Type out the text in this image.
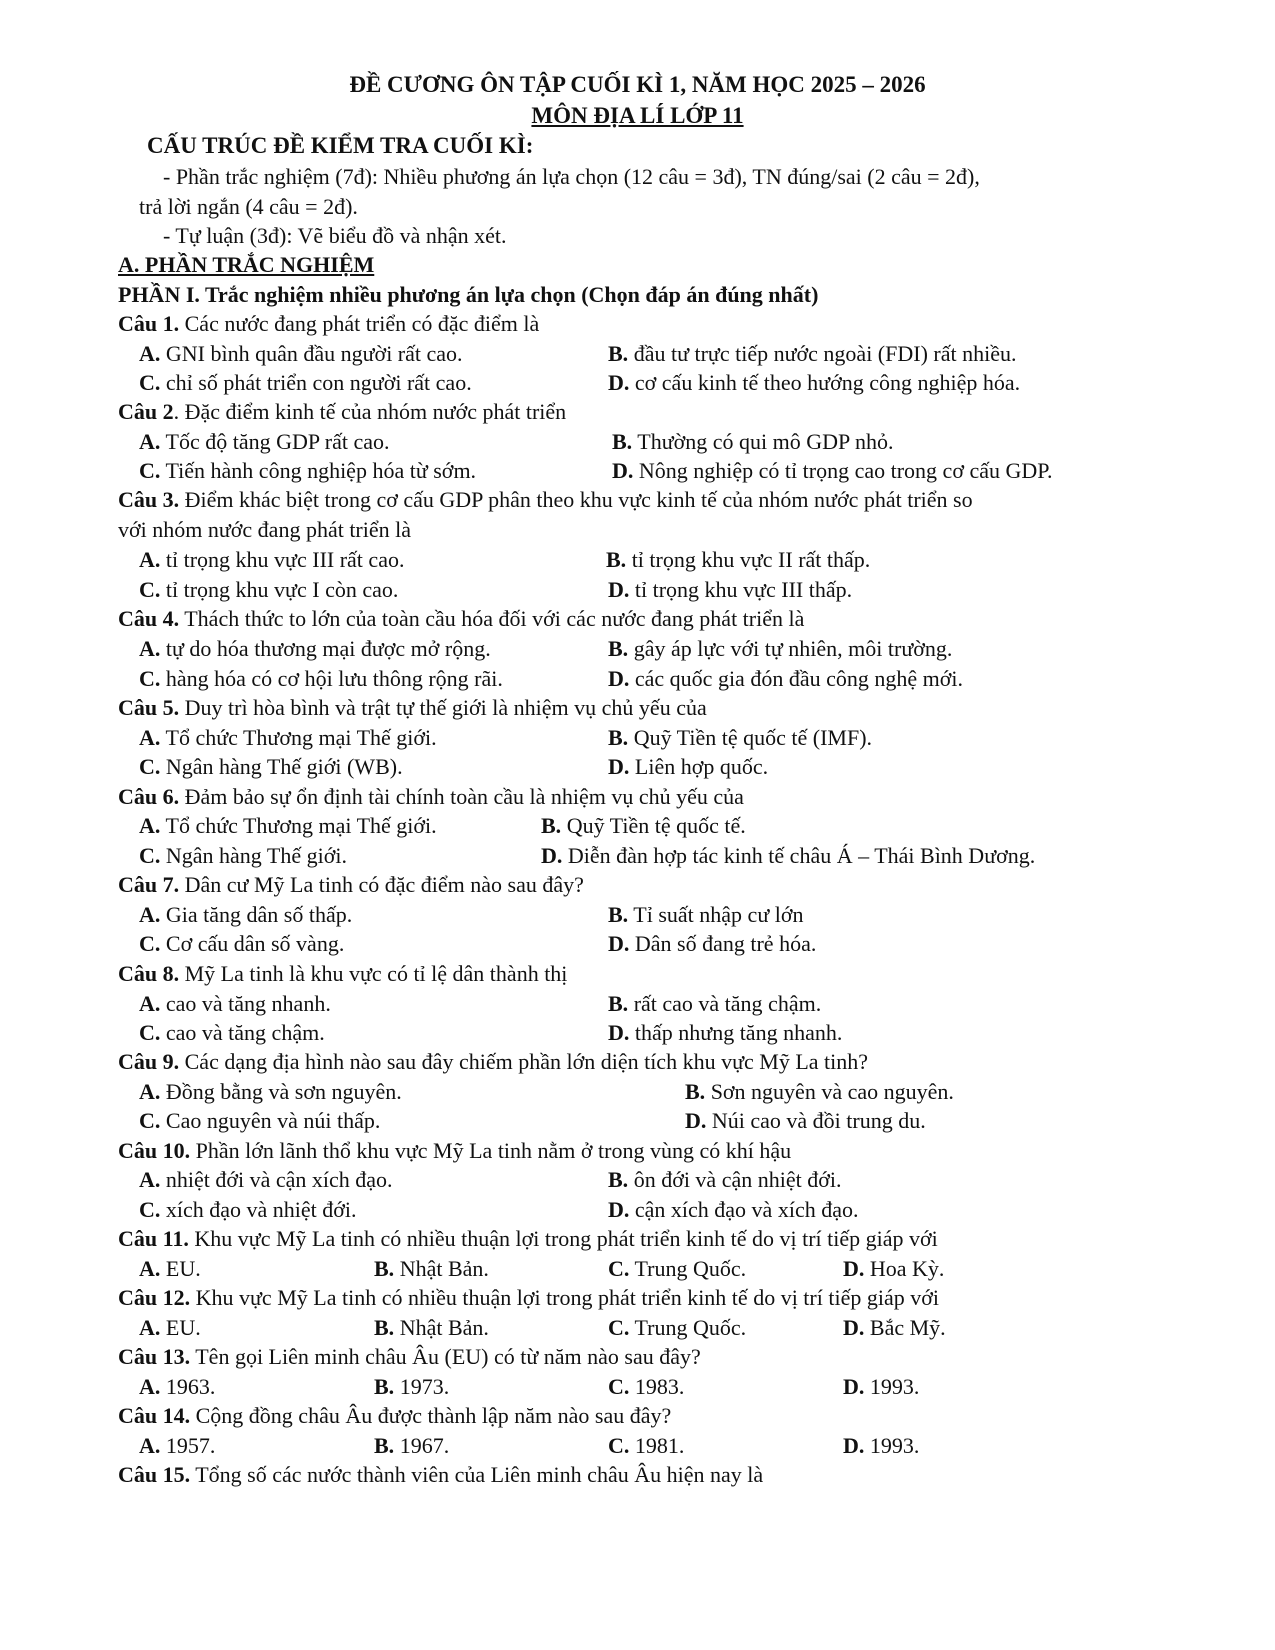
ĐỀ CƯƠNG ÔN TẬP CUỐI KÌ 1, NĂM HỌC 2025 – 2026
MÔN ĐỊA LÍ LỚP 11
CẤU TRÚC ĐỀ KIỂM TRA CUỐI KÌ:
- Phần trắc nghiệm (7đ): Nhiều phương án lựa chọn (12 câu = 3đ), TN đúng/sai (2 câu = 2đ),
trả lời ngắn (4 câu = 2đ).
- Tự luận (3đ): Vẽ biểu đồ và nhận xét.
A. PHẦN TRẮC NGHIỆM
PHẦN I. Trắc nghiệm nhiều phương án lựa chọn (Chọn đáp án đúng nhất)
Câu 1. Các nước đang phát triển có đặc điểm là
A. GNI bình quân đầu người rất cao.	B. đầu tư trực tiếp nước ngoài (FDI) rất nhiều.
C. chỉ số phát triển con người rất cao.	D. cơ cấu kinh tế theo hướng công nghiệp hóa.
Câu 2. Đặc điểm kinh tế của nhóm nước phát triển
A. Tốc độ tăng GDP rất cao.	B. Thường có qui mô GDP nhỏ.
C. Tiến hành công nghiệp hóa từ sớm.	D. Nông nghiệp có tỉ trọng cao trong cơ cấu GDP.
Câu 3. Điểm khác biệt trong cơ cấu GDP phân theo khu vực kinh tế của nhóm nước phát triển so
với nhóm nước đang phát triển là
A. tỉ trọng khu vực III rất cao.	B. tỉ trọng khu vực II rất thấp.
C. tỉ trọng khu vực I còn cao.	D. tỉ trọng khu vực III thấp.
Câu 4. Thách thức to lớn của toàn cầu hóa đối với các nước đang phát triển là
A. tự do hóa thương mại được mở rộng.	B. gây áp lực với tự nhiên, môi trường.
C. hàng hóa có cơ hội lưu thông rộng rãi.	D. các quốc gia đón đầu công nghệ mới.
Câu 5. Duy trì hòa bình và trật tự thế giới là nhiệm vụ chủ yếu của
A. Tổ chức Thương mại Thế giới.	B. Quỹ Tiền tệ quốc tế (IMF).
C. Ngân hàng Thế giới (WB).	D. Liên hợp quốc.
Câu 6. Đảm bảo sự ổn định tài chính toàn cầu là nhiệm vụ chủ yếu của
A. Tổ chức Thương mại Thế giới.	B. Quỹ Tiền tệ quốc tế.
C. Ngân hàng Thế giới.	D. Diễn đàn hợp tác kinh tế châu Á – Thái Bình Dương.
Câu 7. Dân cư Mỹ La tinh có đặc điểm nào sau đây?
A. Gia tăng dân số thấp.	B. Tỉ suất nhập cư lớn
C. Cơ cấu dân số vàng.	D. Dân số đang trẻ hóa.
Câu 8. Mỹ La tinh là khu vực có tỉ lệ dân thành thị
A. cao và tăng nhanh.	B. rất cao và tăng chậm.
C. cao và tăng chậm.	D. thấp nhưng tăng nhanh.
Câu 9. Các dạng địa hình nào sau đây chiếm phần lớn diện tích khu vực Mỹ La tinh?
A. Đồng bằng và sơn nguyên.	B. Sơn nguyên và cao nguyên.
C. Cao nguyên và núi thấp.	D. Núi cao và đồi trung du.
Câu 10. Phần lớn lãnh thổ khu vực Mỹ La tinh nằm ở trong vùng có khí hậu
A. nhiệt đới và cận xích đạo.	B. ôn đới và cận nhiệt đới.
C. xích đạo và nhiệt đới.	D. cận xích đạo và xích đạo.
Câu 11. Khu vực Mỹ La tinh có nhiều thuận lợi trong phát triển kinh tế do vị trí tiếp giáp với
A. EU.	B. Nhật Bản.	C. Trung Quốc.	D. Hoa Kỳ.
Câu 12. Khu vực Mỹ La tinh có nhiều thuận lợi trong phát triển kinh tế do vị trí tiếp giáp với
A. EU.	B. Nhật Bản.	C. Trung Quốc.	D. Bắc Mỹ.
Câu 13. Tên gọi Liên minh châu Âu (EU) có từ năm nào sau đây?
A. 1963.	B. 1973.	C. 1983.	D. 1993.
Câu 14. Cộng đồng châu Âu được thành lập năm nào sau đây?
A. 1957.	B. 1967.	C. 1981.	D. 1993.
Câu 15. Tổng số các nước thành viên của Liên minh châu Âu hiện nay là
